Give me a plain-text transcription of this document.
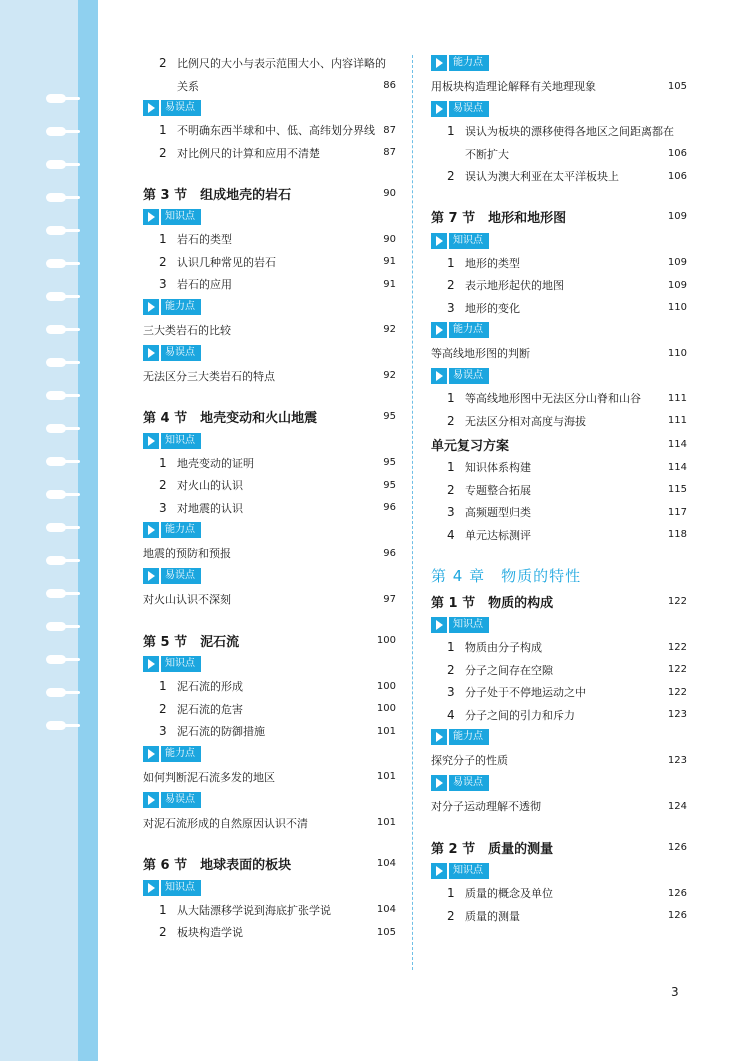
2 比例尺的大小与表示范围大小、内容详略的
关系	86
易误点
1 不明确东西半球和中、低、高纬划分界线 87
2 对比例尺的计算和应用不清楚	87
第 3 节　组成地壳的岩石	90
知识点
1 岩石的类型	90
2 认识几种常见的岩石	91
3 岩石的应用	91
能力点
三大类岩石的比较	92
易误点
无法区分三大类岩石的特点	92
第 4 节　地壳变动和火山地震	95
知识点
1 地壳变动的证明	95
2 对火山的认识	95
3 对地震的认识	96
能力点
地震的预防和预报	96
易误点
对火山认识不深刻	97
第 5 节　泥石流	100
知识点
1 泥石流的形成	100
2 泥石流的危害	100
3 泥石流的防御措施	101
能力点
如何判断泥石流多发的地区	101
易误点
对泥石流形成的自然原因认识不清	101
第 6 节　地球表面的板块	104
知识点
1 从大陆漂移学说到海底扩张学说	104
2 板块构造学说	105
能力点
用板块构造理论解释有关地理现象	105
易误点
1 误认为板块的漂移使得各地区之间距离都在
不断扩大	106
2 误认为澳大利亚在太平洋板块上	106
第 7 节　地形和地形图	109
知识点
1 地形的类型	109
2 表示地形起伏的地图	109
3 地形的变化	110
能力点
等高线地形图的判断	110
易误点
1 等高线地形图中无法区分山脊和山谷	111
2 无法区分相对高度与海拔	111
单元复习方案	114
1 知识体系构建	114
2 专题整合拓展	115
3 高频题型归类	117
4 单元达标测评	118
第 4 章　物质的特性
第 1 节　物质的构成	122
知识点
1 物质由分子构成	122
2 分子之间存在空隙	122
3 分子处于不停地运动之中	122
4 分子之间的引力和斥力	123
能力点
探究分子的性质	123
易误点
对分子运动理解不透彻	124
第 2 节　质量的测量	126
知识点
1 质量的概念及单位	126
2 质量的测量	126
3
